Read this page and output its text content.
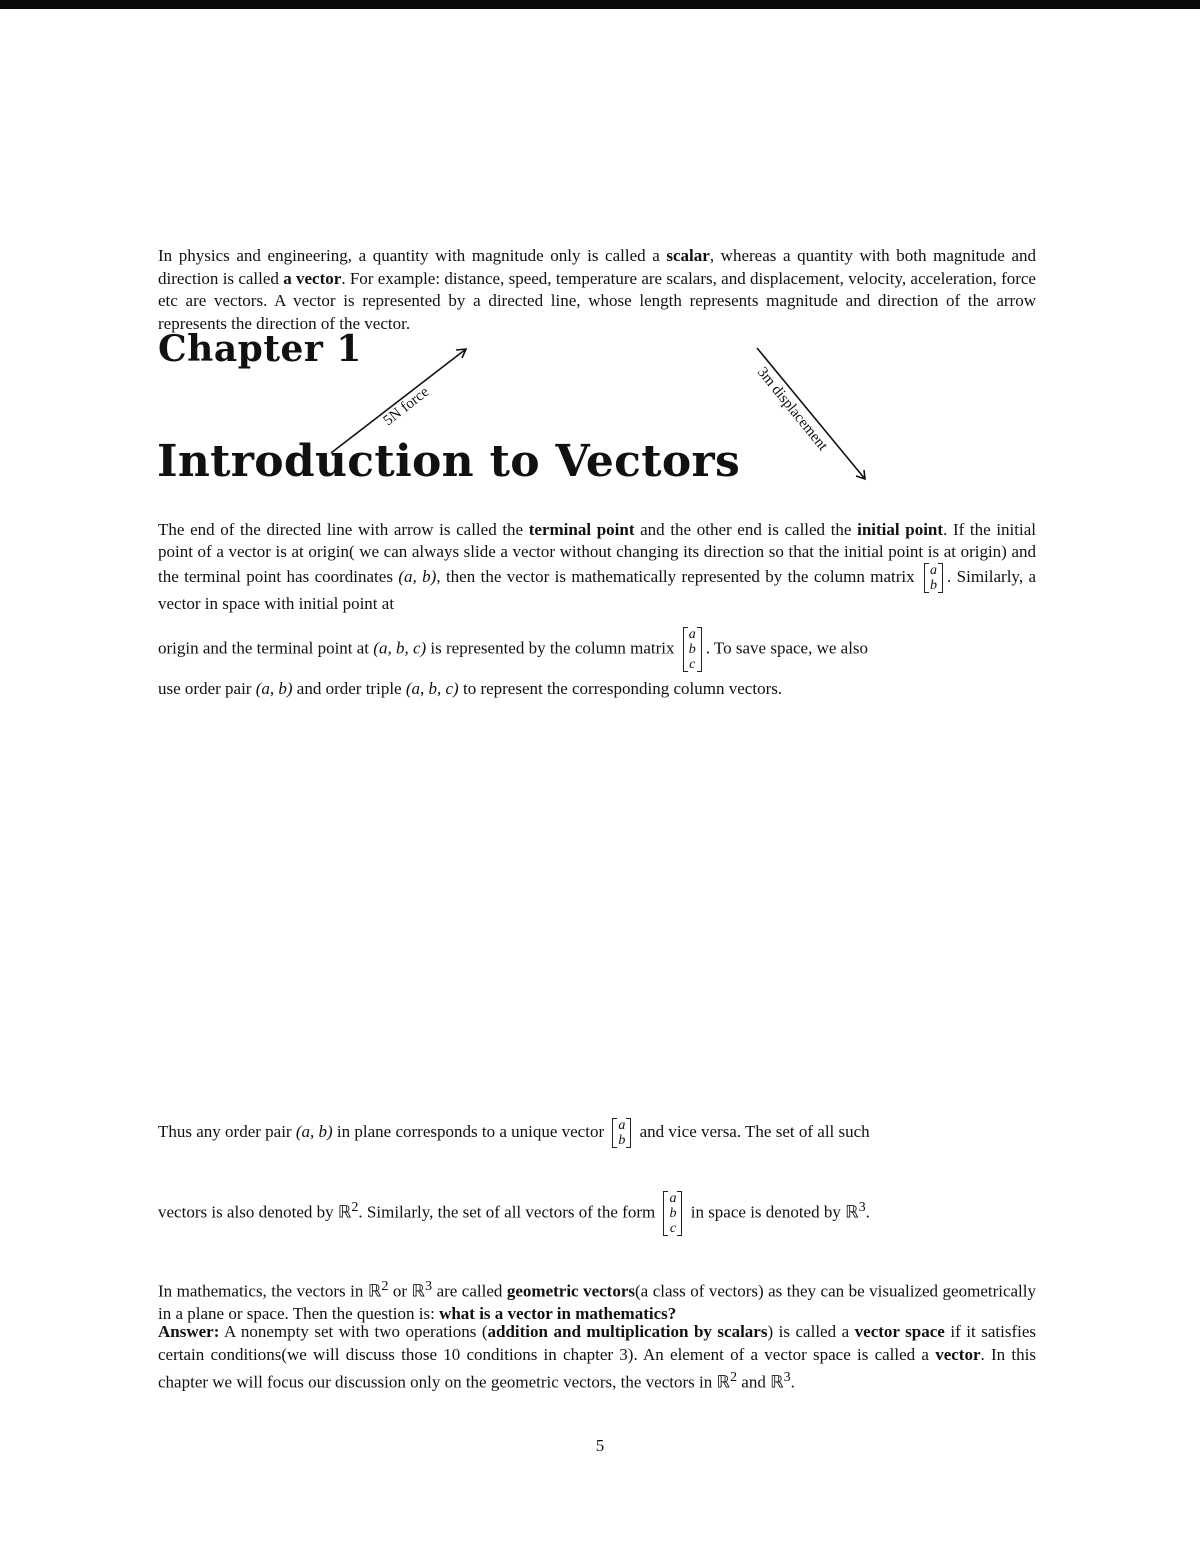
Chapter 1
Introduction to Vectors

In physics and engineering, a quantity with magnitude only is called a scalar, whereas a quantity with both magnitude and direction is called a vector. For example: distance, speed, temperature are scalars, and displacement, velocity, acceleration, force etc are vectors. A vector is represented by a directed line, whose length represents magnitude and direction of the arrow represents the direction of the vector.

5N force	3m displacement
The end of the directed line with arrow is called the terminal point and the other end is called the initial point. If the initial point of a vector is at origin( we can always slide a vector without changing its direction so that the initial point is at origin) and the terminal point has coordinates (a, b), then the vector is mathematically represented by the column matrix a
b . Similarly, a vector in space with initial point at
origin and the terminal point at (a, b, c) is represented by the column matrix
a
b
c
. To save space, we also
use order pair (a, b) and order triple (a, b, c) to represent the corresponding column vectors.

Thus any order pair (a, b) in plane corresponds to a unique vector a
b and vice versa. The set of all such

vectors is also denoted by ℝ$^2$. Similarly, the set of all vectors of the form
a
b
c
in space is denoted by ℝ$^3$.

In mathematics, the vectors in ℝ$^2$ or ℝ$^3$ are called geometric vectors(a class of vectors) as they can be visualized geometrically in a plane or space. Then the question is: what is a vector in mathematics?

Answer: A nonempty set with two operations (addition and multiplication by scalars) is called a vector space if it satisfies certain conditions(we will discuss those 10 conditions in chapter 3). An element of a vector space is called a vector. In this chapter we will focus our discussion only on the geometric vectors, the vectors in ℝ$^2$ and ℝ$^3$.

5
